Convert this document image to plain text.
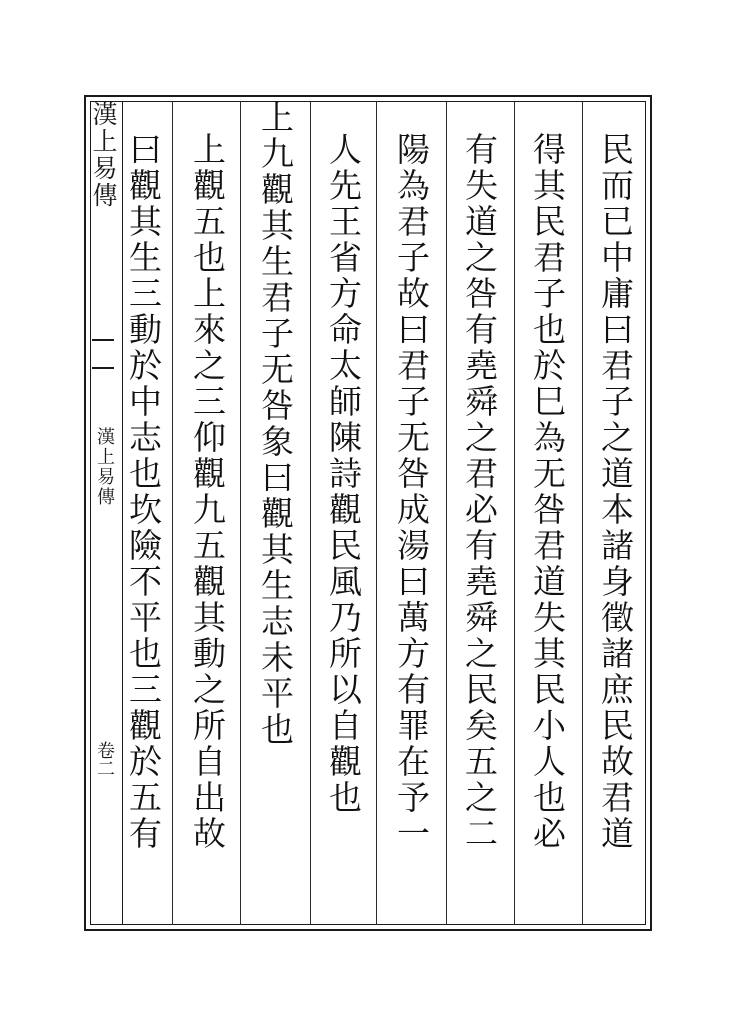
漢上易傳
漢上易傳
卷二	民而已中庸曰君子之道本諸身徵諸庶民故君道
得其民君子也於巳為无咎君道失其民小人也必
有失道之咎有堯舜之君必有堯舜之民矣五之二
陽為君子故曰君子无咎成湯曰萬方有罪在予一
人先王省方命太師陳詩觀民風乃所以自觀也
上九觀其生君子无咎象曰觀其生志未平也
上觀五也上來之三仰觀九五觀其動之所自出故
曰觀其生三動於中志也坎險不平也三觀於五有
